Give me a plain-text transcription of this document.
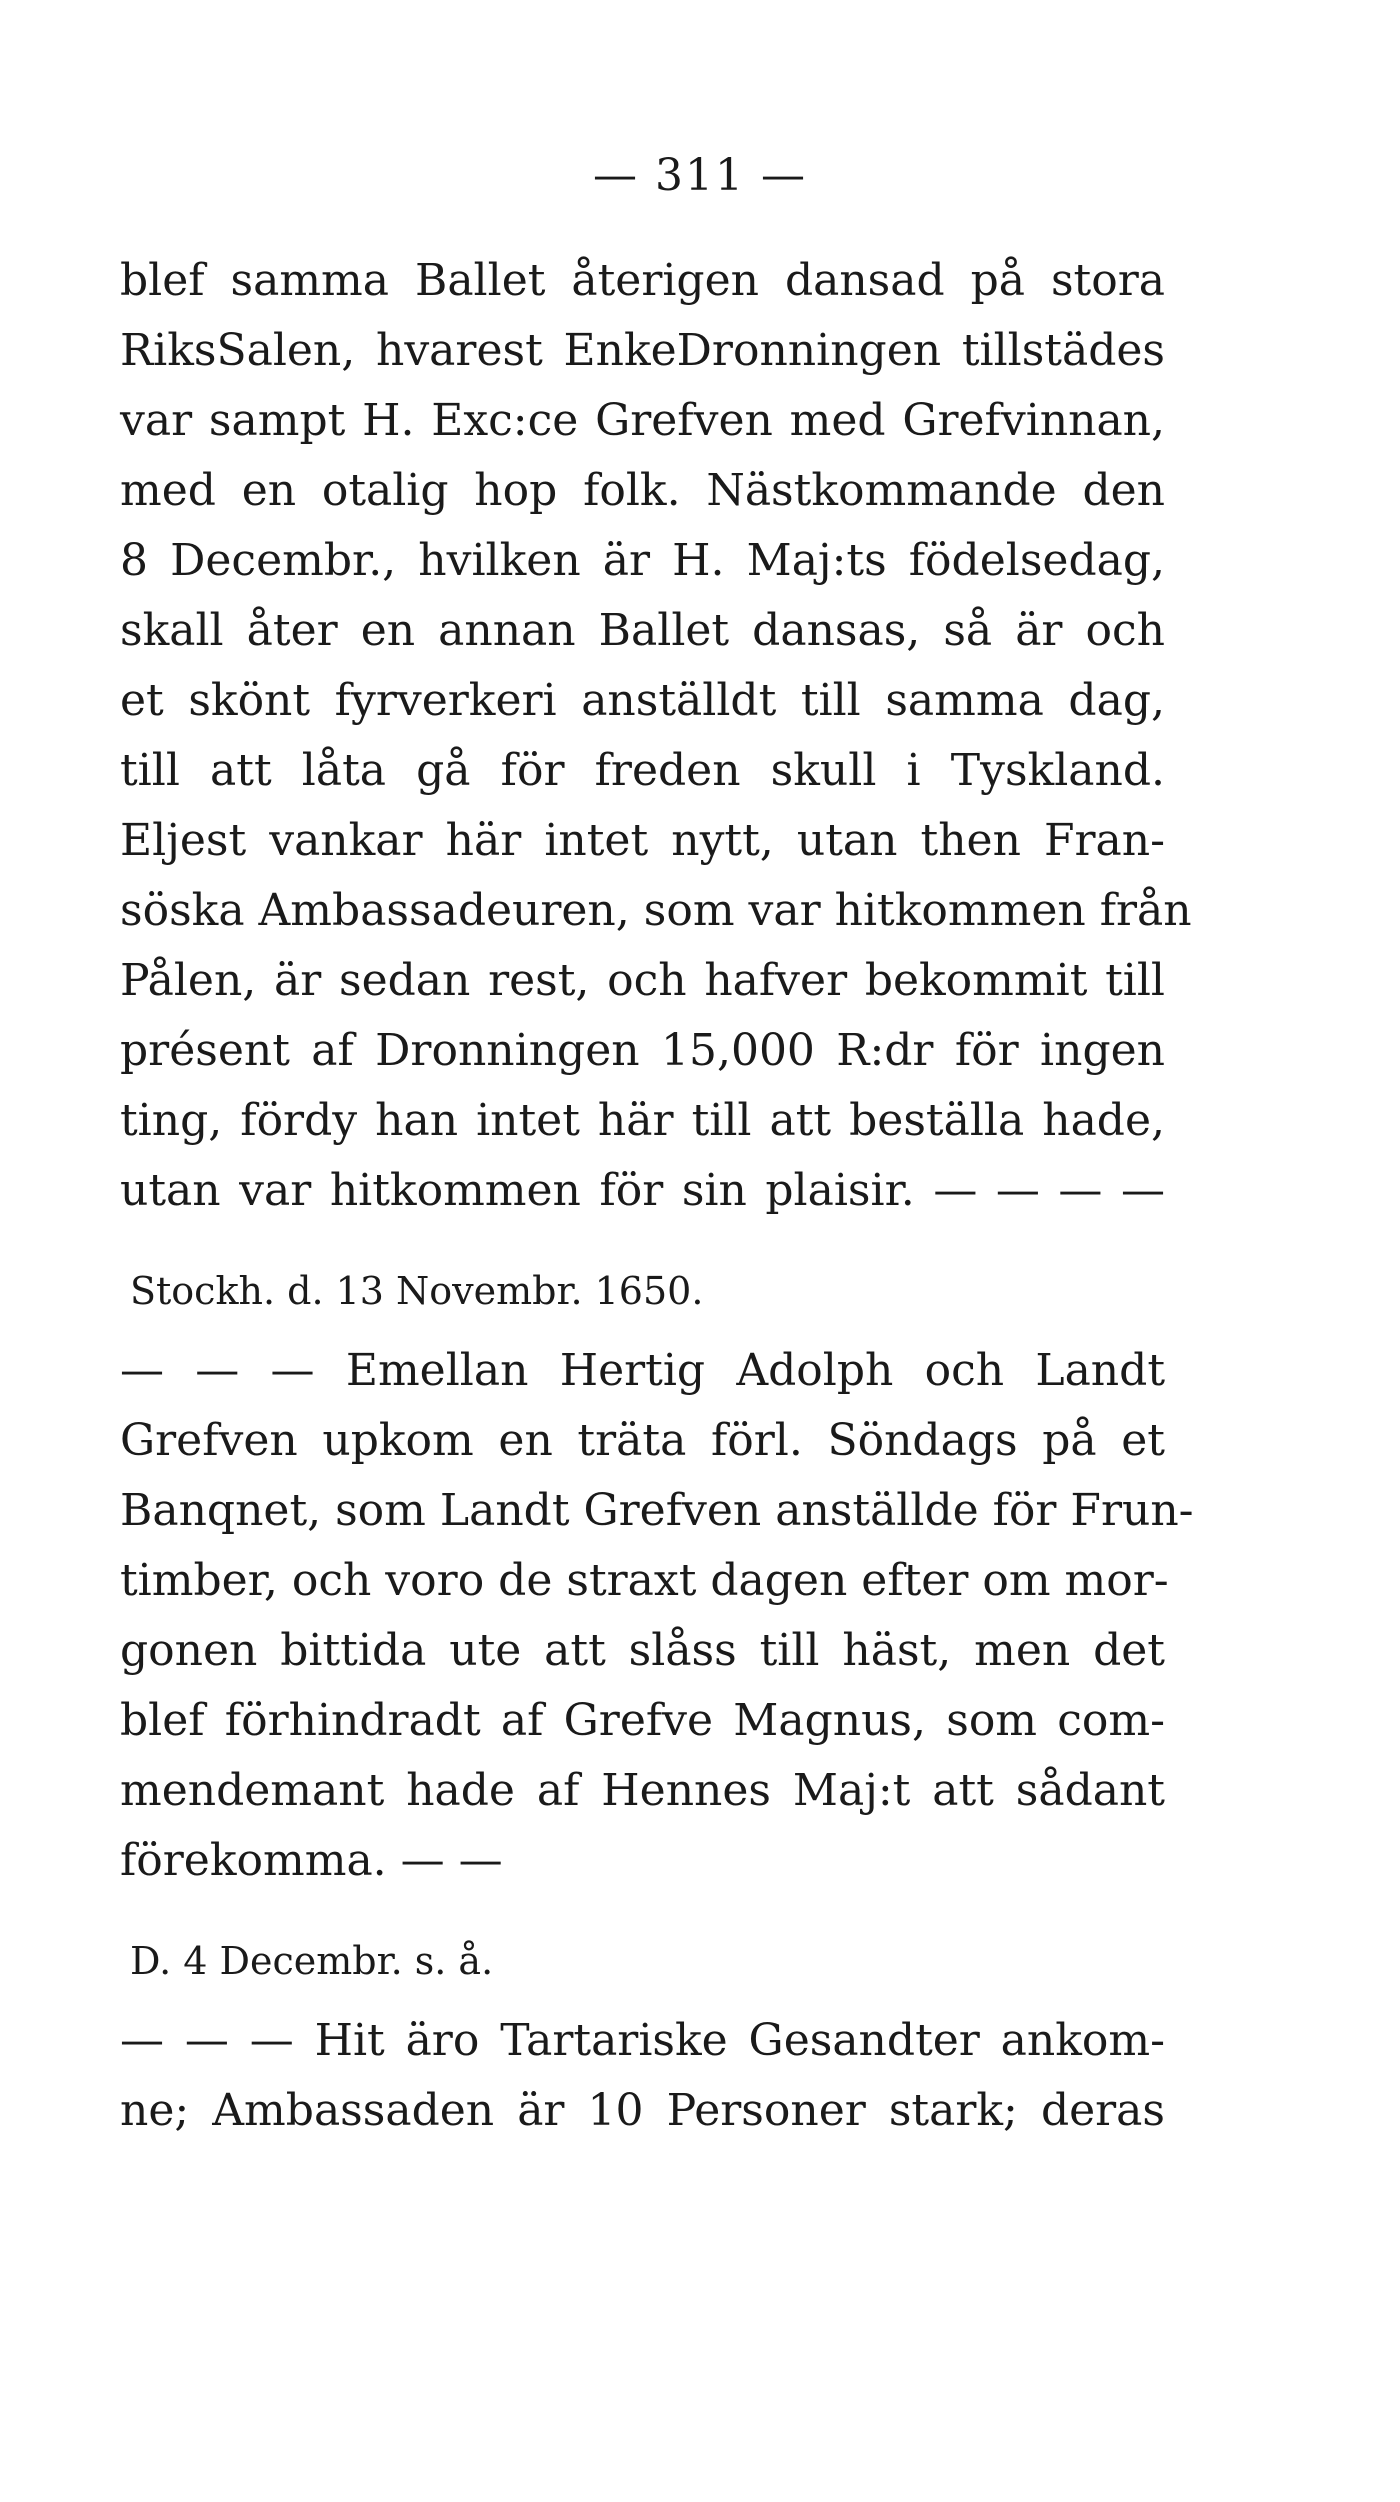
— 311 —
blef samma Ballet återigen dansad på stora
RiksSalen, hvarest EnkeDronningen tillstädes
var sampt H. Exc:ce Grefven med Grefvinnan,
med en otalig hop folk. Nästkommande den
8 Decembr., hvilken är H. Maj:ts födelsedag,
skall åter en annan Ballet dansas, så är och
et skönt fyrverkeri anställdt till samma dag,
till att låta gå för freden skull i Tyskland.
Eljest vankar här intet nytt, utan then Fran-
söska Ambassadeuren, som var hitkommen från
Pålen, är sedan rest, och hafver bekommit till
présent af Dronningen 15,000 R:dr för ingen
ting, fördy han intet här till att beställa hade,
utan var hitkommen för sin plaisir. — — — —
Stockh. d. 13 Novembr. 1650.
— — — Emellan Hertig Adolph och Landt
Grefven upkom en träta förl. Söndags på et
Banqnet, som Landt Grefven anställde för Frun-
timber, och voro de straxt dagen efter om mor-
gonen bittida ute att slåss till häst, men det
blef förhindradt af Grefve Magnus, som com-
mendemant hade af Hennes Maj:t att sådant
förekomma. — —
D. 4 Decembr. s. å.
— — — Hit äro Tartariske Gesandter ankom-
ne; Ambassaden är 10 Personer stark; deras
